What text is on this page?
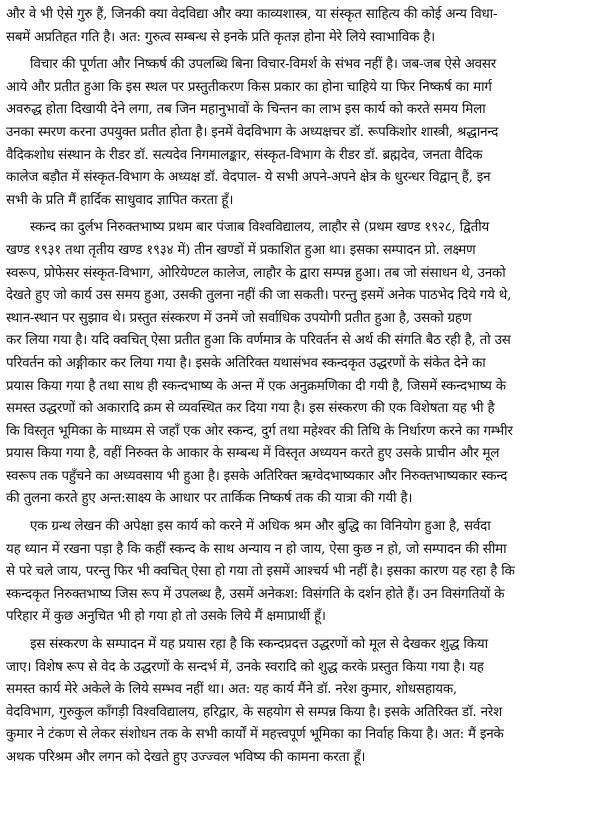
और वे भी ऐसे गुरु हैं, जिनकी क्या वेदविद्या और क्या काव्यशास्त्र, या संस्कृत साहित्य की कोई अन्य विधा-
सबमें अप्रतिहत गति है। अत: गुरुत्व सम्बन्ध से इनके प्रति कृतज्ञ होना मेरे लिये स्वाभाविक है।
विचार की पूर्णता और निष्कर्ष की उपलब्धि बिना विचार-विमर्श के संभव नहीं है। जब-जब ऐसे अवसर
आये और प्रतीत हुआ कि इस स्थल पर प्रस्तुतीकरण किस प्रकार का होना चाहिये या फिर निष्कर्ष का मार्ग
अवरुद्ध होता दिखायी देने लगा, तब जिन महानुभावों के चिन्तन का लाभ इस कार्य को करते समय मिला
उनका स्मरण करना उपयुक्त प्रतीत होता है। इनमें वेदविभाग के अध्यक्षचर डॉ. रूपकिशोर शास्त्री, श्रद्धानन्द
वैदिकशोध संस्थान के रीडर डॉ. सत्यदेव निगमालङ्कार, संस्कृत-विभाग के रीडर डॉ. ब्रह्मदेव, जनता वैदिक
कालेज बड़ौत में संस्कृत-विभाग के अध्यक्ष डॉ. वेदपाल- ये सभी अपने-अपने क्षेत्र के धुरन्धर विद्वान् हैं, इन
सभी के प्रति मैं हार्दिक साधुवाद ज्ञापित करता हूँ।
स्कन्द का दुर्लभ निरुक्तभाष्य प्रथम बार पंजाब विश्वविद्यालय, लाहौर से (प्रथम खण्ड १९२८, द्वितीय
खण्ड १९३१ तथा तृतीय खण्ड १९३४ में) तीन खण्डों में प्रकाशित हुआ था। इसका सम्पादन प्रो. लक्ष्मण
स्वरूप, प्रोफेसर संस्कृत-विभाग, ओरियेण्टल कालेज, लाहौर के द्वारा सम्पन्न हुआ। तब जो संसाधन थे, उनको
देखते हुए जो कार्य उस समय हुआ, उसकी तुलना नहीं की जा सकती। परन्तु इसमें अनेक पाठभेद दिये गये थे,
स्थान-स्थान पर सुझाव थे। प्रस्तुत संस्करण में उनमें जो सर्वाधिक उपयोगी प्रतीत हुआ है, उसको ग्रहण
कर लिया गया है। यदि क्वचित् ऐसा प्रतीत हुआ कि वर्णमात्र के परिवर्तन से अर्थ की संगति बैठ रही है, तो उस
परिवर्तन को अङ्गीकार कर लिया गया है। इसके अतिरिक्त यथासंभव स्कन्दकृत उद्धरणों के संकेत देने का
प्रयास किया गया है तथा साथ ही स्कन्दभाष्य के अन्त में एक अनुक्रमणिका दी गयी है, जिसमें स्कन्दभाष्य के
समस्त उद्धरणों को अकारादि क्रम से व्यवस्थित कर दिया गया है। इस संस्करण की एक विशेषता यह भी है
कि विस्तृत भूमिका के माध्यम से जहाँ एक ओर स्कन्द, दुर्ग तथा महेश्वर की तिथि के निर्धारण करने का गम्भीर
प्रयास किया गया है, वहीं निरुक्त के आकार के सम्बन्ध में विस्तृत अध्ययन करते हुए उसके प्राचीन और मूल
स्वरूप तक पहुँचने का अध्यवसाय भी हुआ है। इसके अतिरिक्त ऋग्वेदभाष्यकार और निरुक्तभाष्यकार स्कन्द
की तुलना करते हुए अन्त:साक्ष्य के आधार पर तार्किक निष्कर्ष तक की यात्रा की गयी है।
एक ग्रन्थ लेखन की अपेक्षा इस कार्य को करने में अधिक श्रम और बुद्धि का विनियोग हुआ है, सर्वदा
यह ध्यान में रखना पड़ा है कि कहीं स्कन्द के साथ अन्याय न हो जाय, ऐसा कुछ न हो, जो सम्पादन की सीमा
से परे चले जाय, परन्तु फिर भी क्वचित् ऐसा हो गया तो इसमें आश्चर्य भी नहीं है। इसका कारण यह रहा है कि
स्कन्दकृत निरुक्तभाष्य जिस रूप में उपलब्ध है, उसमें अनेकश: विसंगति के दर्शन होते हैं। उन विसंगतियों के
परिहार में कुछ अनुचित भी हो गया हो तो उसके लिये मैं क्षमाप्रार्थी हूँ।
इस संस्करण के सम्पादन में यह प्रयास रहा है कि स्कन्दप्रदत्त उद्धरणों को मूल से देखकर शुद्ध किया
जाए। विशेष रूप से वेद के उद्धरणों के सन्दर्भ में, उनके स्वरादि को शुद्ध करके प्रस्तुत किया गया है। यह
समस्त कार्य मेरे अकेले के लिये सम्भव नहीं था। अत: यह कार्य मैंने डॉ. नरेश कुमार, शोधसहायक,
वेदविभाग, गुरुकुल काँगड़ी विश्वविद्यालय, हरिद्वार, के सहयोग से सम्पन्न किया है। इसके अतिरिक्त डॉ. नरेश
कुमार ने टंकण से लेकर संशोधन तक के सभी कार्यों में महत्त्वपूर्ण भूमिका का निर्वाह किया है। अत: मैं इनके
अथक परिश्रम और लगन को देखते हुए उज्ज्वल भविष्य की कामना करता हूँ।
